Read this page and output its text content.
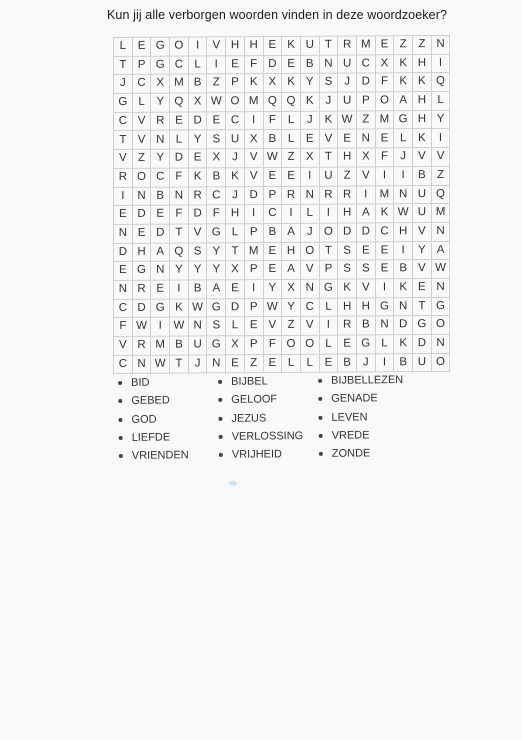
Kun jij alle verborgen woorden vinden in deze woordzoeker?
L	E	G	O	I	V	H	H	E	K	U	T	R	M	E	Z	Z	N
T	P	G	C	L	I	E	F	D	E	B	N	U	C	X	K	H	I
J	C	X	M	B	Z	P	K	X	K	Y	S	J	D	F	K	K	Q
G	L	Y	Q	X	W	O	M	Q	Q	K	J	U	P	O	A	H	L
C	V	R	E	D	E	C	I	F	L	J	K	W	Z	M	G	H	Y
T	V	N	L	Y	S	U	X	B	L	E	V	E	N	E	L	K	I
V	Z	Y	D	E	X	J	V	W	Z	X	T	H	X	F	J	V	V
R	O	C	F	K	B	K	V	E	E	I	U	Z	V	I	I	B	Z
I	N	B	N	R	C	J	D	P	R	N	R	R	I	M	N	U	Q
E	D	E	F	D	F	H	I	C	I	L	I	H	A	K	W	U	M
N	E	D	T	V	G	L	P	B	A	J	O	D	D	C	H	V	N
D	H	A	Q	S	Y	T	M	E	H	O	T	S	E	E	I	Y	A
E	G	N	Y	Y	Y	X	P	E	A	V	P	S	S	E	B	V	W
N	R	E	I	B	A	E	I	Y	X	N	G	K	V	I	K	E	N
C	D	G	K	W	G	D	P	W	Y	C	L	H	H	G	N	T	G
F	W	I	W	N	S	L	E	V	Z	V	I	R	B	N	D	G	O
V	R	M	B	U	G	X	P	F	O	O	L	E	G	L	K	D	N
C	N	W	T	J	N	E	Z	E	L	L	E	B	J	I	B	U	O
BID
GEBED
GOD
LIEFDE
VRIENDEN
BIJBEL
GELOOF
JEZUS
VERLOSSING
VRIJHEID
BIJBELLEZEN
GENADE
LEVEN
VREDE
ZONDE
